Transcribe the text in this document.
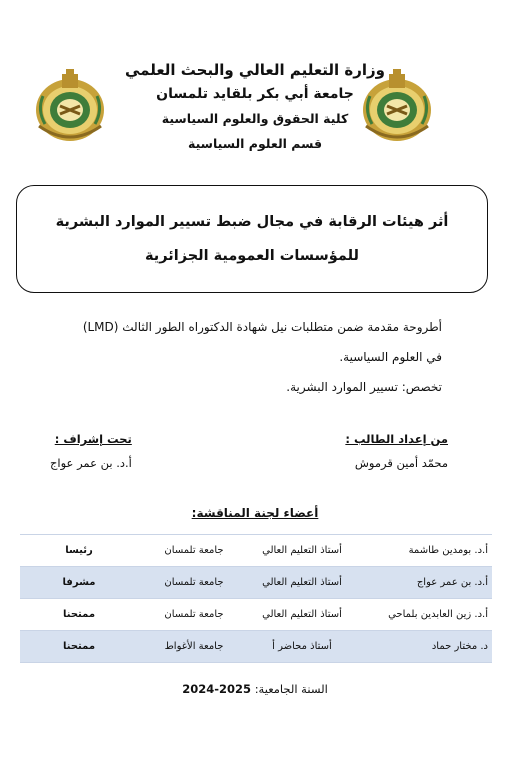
وزارة التعليم العالي والبحث العلمي
جامعة أبي بكر بلقايد تلمسان
كلية الحقوق والعلوم السياسية
قسم العلوم السياسية
أثر هيئات الرقابة في مجال ضبط تسيير الموارد البشرية للمؤسسات العمومية الجزائرية
أطروحة مقدمة ضمن متطلبات نيل شهادة الدكتوراه الطور الثالث (LMD)
في العلوم السياسية.
تخصص: تسيير الموارد البشرية.
من إعداد الطالب :
محمّد أمين قرموش
تحت إشراف :
أ.د. بن عمر عواج
أعضاء لجنة المناقشة:
أ.د. بومدين طاشمة	أستاذ التعليم العالي	جامعة تلمسان	رئيسا
أ.د. بن عمر عواج	أستاذ التعليم العالي	جامعة تلمسان	مشرفا
أ.د. زين العابدين بلماحي	أستاذ التعليم العالي	جامعة تلمسان	ممتحنا
د. مختار حماد	أستاذ محاضر أ	جامعة الأغواط	ممتحنا
السنة الجامعية: 2025-2024
